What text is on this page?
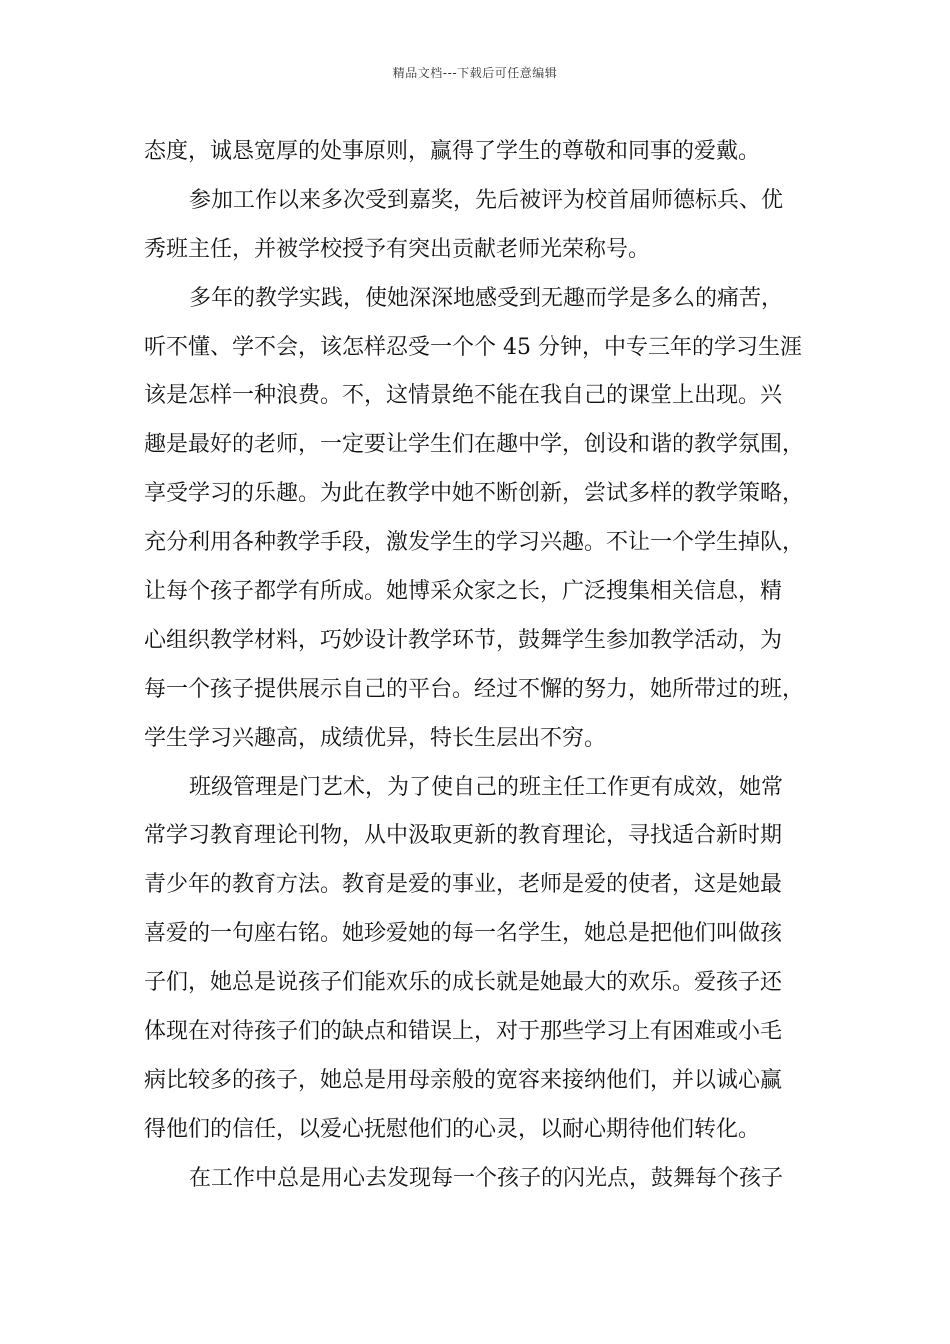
精品文档---下载后可任意编辑
态度，诚恳宽厚的处事原则，赢得了学生的尊敬和同事的爱戴。
参加工作以来多次受到嘉奖，先后被评为校首届师德标兵、优
秀班主任，并被学校授予有突出贡献老师光荣称号。
多年的教学实践，使她深深地感受到无趣而学是多么的痛苦，
听不懂、学不会，该怎样忍受一个个 45 分钟，中专三年的学习生涯
该是怎样一种浪费。不，这情景绝不能在我自己的课堂上出现。兴
趣是最好的老师，一定要让学生们在趣中学，创设和谐的教学氛围，
享受学习的乐趣。为此在教学中她不断创新，尝试多样的教学策略，
充分利用各种教学手段，激发学生的学习兴趣。不让一个学生掉队，
让每个孩子都学有所成。她博采众家之长，广泛搜集相关信息，精
心组织教学材料，巧妙设计教学环节，鼓舞学生参加教学活动，为
每一个孩子提供展示自己的平台。经过不懈的努力，她所带过的班，
学生学习兴趣高，成绩优异，特长生层出不穷。
班级管理是门艺术，为了使自己的班主任工作更有成效，她常
常学习教育理论刊物，从中汲取更新的教育理论，寻找适合新时期
青少年的教育方法。教育是爱的事业，老师是爱的使者，这是她最
喜爱的一句座右铭。她珍爱她的每一名学生，她总是把他们叫做孩
子们，她总是说孩子们能欢乐的成长就是她最大的欢乐。爱孩子还
体现在对待孩子们的缺点和错误上，对于那些学习上有困难或小毛
病比较多的孩子，她总是用母亲般的宽容来接纳他们，并以诚心赢
得他们的信任，以爱心抚慰他们的心灵，以耐心期待他们转化。
在工作中总是用心去发现每一个孩子的闪光点，鼓舞每个孩子
